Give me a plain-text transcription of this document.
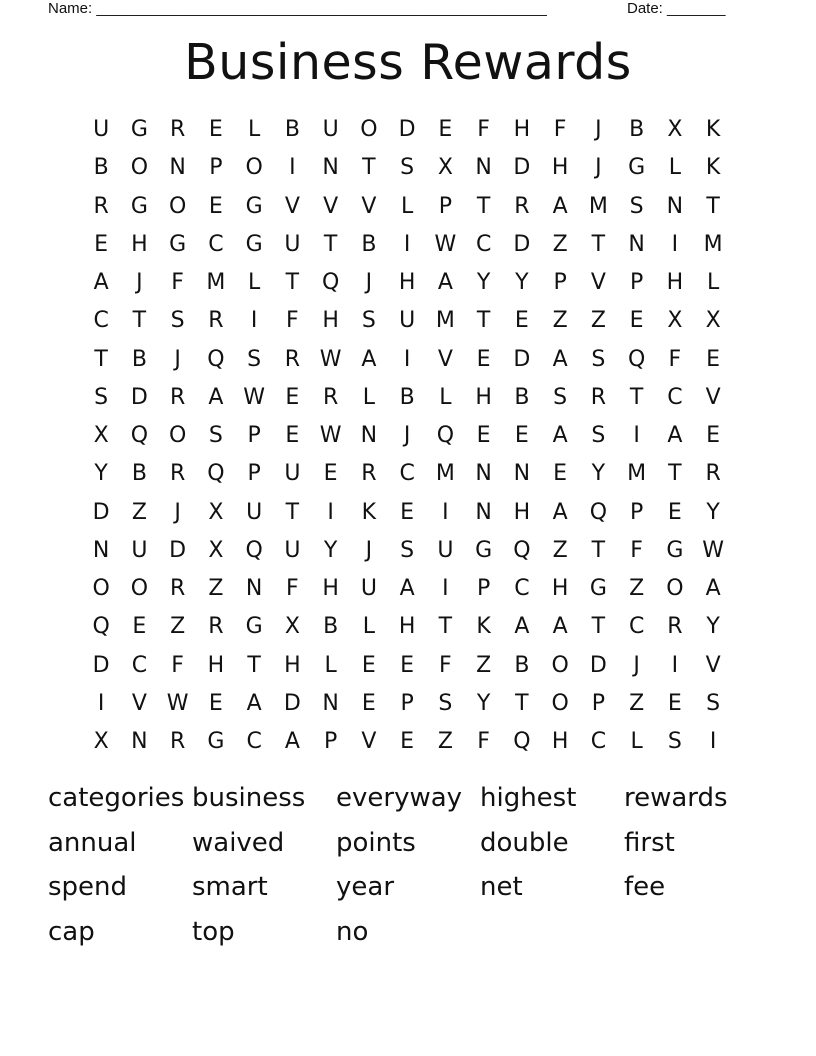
Name: ______________________________________________________	Date: _______
Business Rewards
U G	R	E	L	B	U O D	E	F	H	F	J	B	X	K
B	O N	P	O	I	N	T	S	X	N D H	J	G	L	K
R	G O	E	G	V	V	V	L	P	T	R	A M S	N	T
E	H G	C	G U	T	B	I	W C	D	Z	T	N	I	M
A	J	F	M	L	T	Q	J	H	A	Y	Y	P	V	P	H	L
C	T	S	R	I	F	H	S	U M	T	E	Z	Z	E	X	X
T	B	J	Q	S	R W A	I	V	E	D	A	S	Q	F	E
S	D	R	A W E	R	L	B	L	H	B	S	R	T	C	V
X	Q O	S	P	E W N	J	Q	E	E	A	S	I	A	E
Y	B	R Q	P	U	E	R	C M N N	E	Y	M	T	R
D	Z	J	X	U	T	I	K	E	I	N H	A	Q	P	E	Y
N U D	X	Q U	Y	J	S	U G Q	Z	T	F	G W
O O R	Z	N	F	H U	A	I	P	C	H G	Z	O	A
Q	E	Z	R	G	X	B	L	H	T	K	A	A	T	C	R	Y
D	C	F	H	T	H	L	E	E	F	Z	B	O D	J	I	V
I	V W E	A	D N	E	P	S	Y	T	O	P	Z	E	S
X	N	R	G	C	A	P	V	E	Z	F	Q H	C	L	S	I
categories business	everyway highest	rewards
annual	waived	points	double	first
spend	smart	year	net	fee
cap	top	no
